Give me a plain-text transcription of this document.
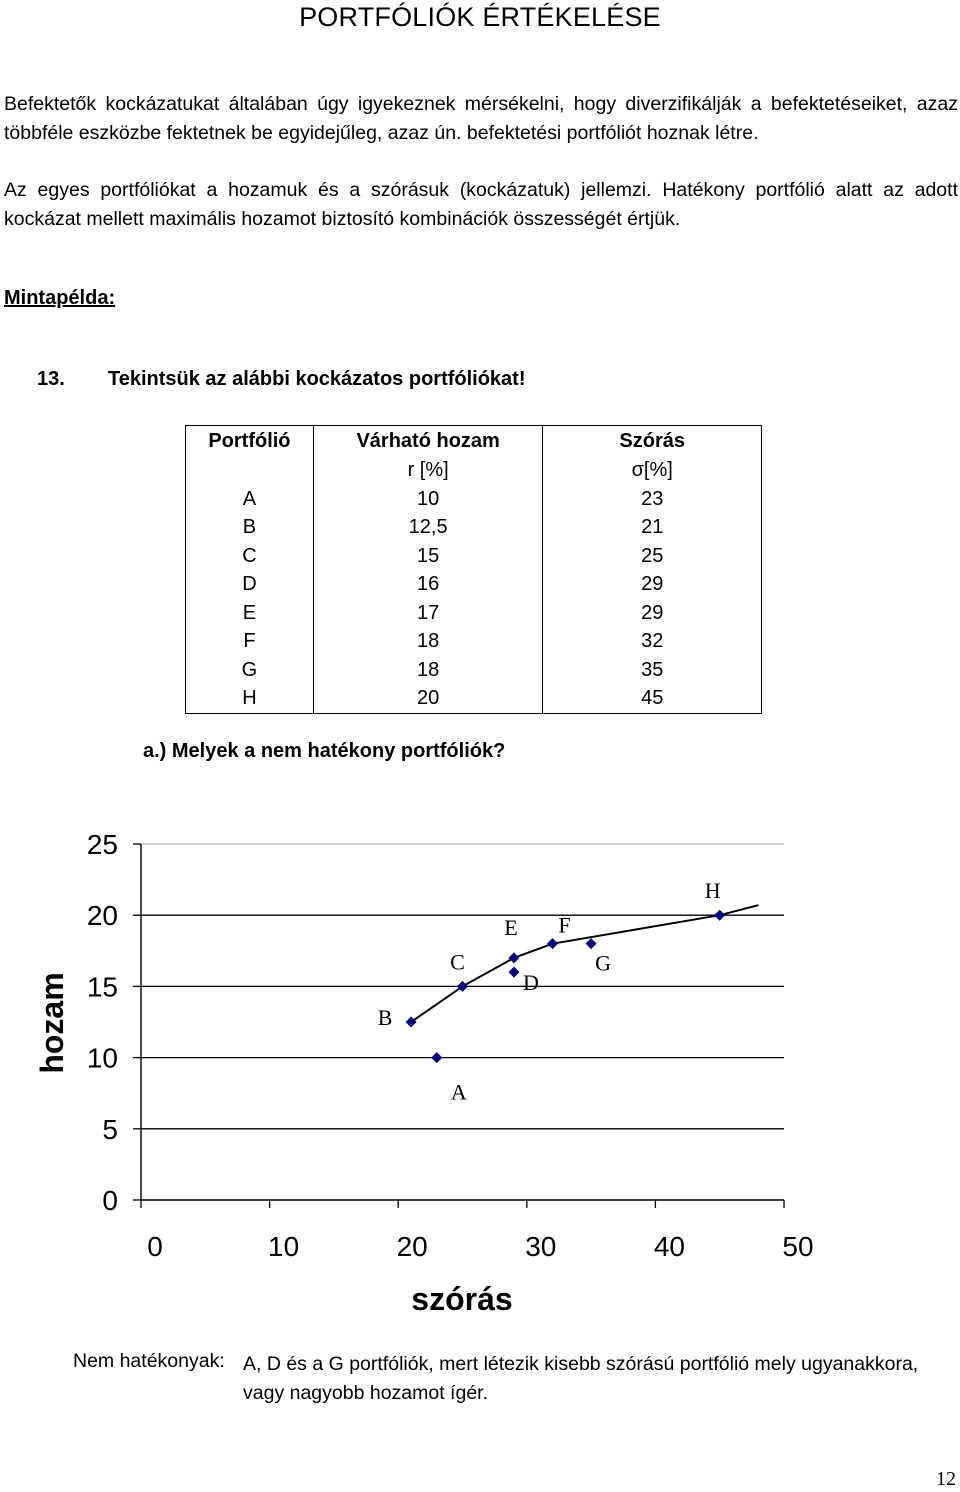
PORTFÓLIÓK ÉRTÉKELÉSE
Befektetők kockázatukat általában úgy igyekeznek mérsékelni, hogy diverzifikálják a befektetéseiket, azaz
többféle eszközbe fektetnek be egyidejűleg, azaz ún. befektetési portfóliót hoznak létre.
Az egyes portfóliókat a hozamuk és a szórásuk (kockázatuk) jellemzi. Hatékony portfólió alatt az adott
kockázat mellett maximális hozamot biztosító kombinációk összességét értjük.
Mintapélda:
13. Tekintsük az alábbi kockázatos portfóliókat!
Portfólió	Várható hozam	Szórás
	r [%]	σ[%]
A	10	23
B	12,5	21
C	15	25
D	16	29
E	17	29
F	18	32
G	18	35
H	20	45
a.) Melyek a nem hatékony portfóliók?
0
5
10
15
20
25
0	10	20	30	40	50
A
B
C
D
E F
G
H
szórás
hozam
Nem hatékonyak: A, D és a G portfóliók, mert létezik kisebb szórású portfólió mely ugyanakkora, vagy nagyobb hozamot ígér.
12
